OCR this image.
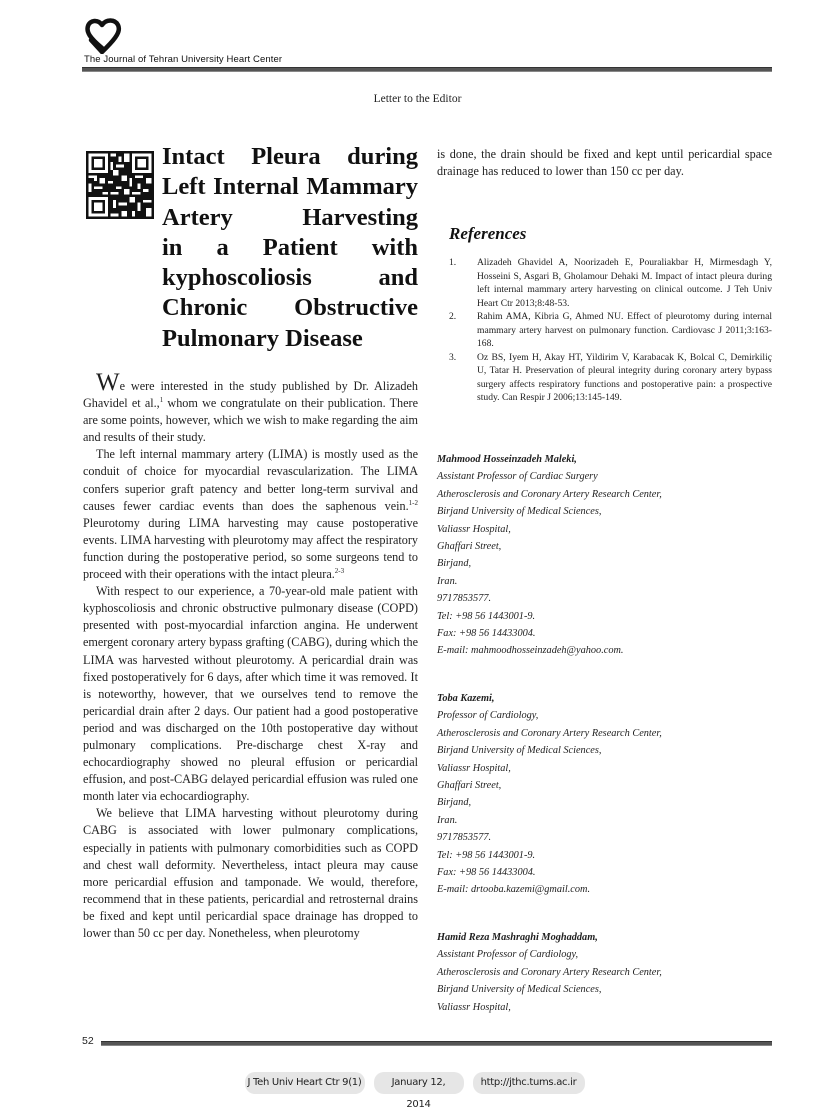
The Journal of Tehran University Heart Center
Letter to the Editor
Intact Pleura during
Left Internal Mammary
Artery Harvesting
in a Patient with
kyphoscoliosis and
Chronic Obstructive
Pulmonary Disease

We were interested in the study published by Dr. Alizadeh Ghavidel et al.,$^1$ whom we congratulate on their publication. There are some points, however, which we wish to make regarding the aim and results of their study.

The left internal mammary artery (LIMA) is mostly used as the conduit of choice for myocardial revascularization. The LIMA confers superior graft patency and better long-term survival and causes fewer cardiac events than does the saphenous vein.$^{1-2}$ Pleurotomy during LIMA harvesting may cause postoperative events. LIMA harvesting with pleurotomy may affect the respiratory function during the postoperative period, so some surgeons tend to proceed with their operations with the intact pleura.$^{2-3}$

With respect to our experience, a 70-year-old male patient with kyphoscoliosis and chronic obstructive pulmonary disease (COPD) presented with post-myocardial infarction angina. He underwent emergent coronary artery bypass grafting (CABG), during which the LIMA was harvested without pleurotomy. A pericardial drain was fixed postoperatively for 6 days, after which time it was removed. It is noteworthy, however, that we ourselves tend to remove the pericardial drain after 2 days. Our patient had a good postoperative period and was discharged on the 10th postoperative day without pulmonary complications. Pre-discharge chest X-ray and echocardiography showed no pleural effusion or pericardial effusion, and post-CABG delayed pericardial effusion was ruled one month later via echocardiography.

We believe that LIMA harvesting without pleurotomy during CABG is associated with lower pulmonary complications, especially in patients with pulmonary comorbidities such as COPD and chest wall deformity. Nevertheless, intact pleura may cause more pericardial effusion and tamponade. We would, therefore, recommend that in these patients, pericardial and retrosternal drains be fixed and kept until pericardial space drainage has dropped to lower than 50 cc per day. Nonetheless, when pleurotomy

is done, the drain should be fixed and kept until pericardial space drainage has reduced to lower than 150 cc per day.

References
1.	Alizadeh Ghavidel A, Noorizadeh E, Pouraliakbar H, Mirmesdagh Y, Hosseini S, Asgari B, Gholamour Dehaki M. Impact of intact pleura during left internal mammary artery harvesting on clinical outcome. J Teh Univ Heart Ctr 2013;8:48-53.
2.	Rahim AMA, Kibria G, Ahmed NU. Effect of pleurotomy during internal mammary artery harvest on pulmonary function. Cardiovasc J 2011;3:163-168.
3.	Oz BS, Iyem H, Akay HT, Yildirim V, Karabacak K, Bolcal C, Demirkiliç U, Tatar H. Preservation of pleural integrity during coronary artery bypass surgery affects respiratory functions and postoperative pain: a prospective study. Can Respir J 2006;13:145-149.
Mahmood Hosseinzadeh Maleki,
Assistant Professor of Cardiac Surgery
Atherosclerosis and Coronary Artery Research Center,
Birjand University of Medical Sciences,
Valiassr Hospital,
Ghaffari Street,
Birjand,
Iran.
9717853577.
Tel: +98 56 1443001-9.
Fax: +98 56 14433004.
E-mail: mahmoodhosseinzadeh@yahoo.com.
Toba Kazemi,
Professor of Cardiology,
Atherosclerosis and Coronary Artery Research Center,
Birjand University of Medical Sciences,
Valiassr Hospital,
Ghaffari Street,
Birjand,
Iran.
9717853577.
Tel: +98 56 1443001-9.
Fax: +98 56 14433004.
E-mail: drtooba.kazemi@gmail.com.
Hamid Reza Mashraghi Moghaddam,
Assistant Professor of Cardiology,
Atherosclerosis and Coronary Artery Research Center,
Birjand University of Medical Sciences,
Valiassr Hospital,
52
J Teh Univ Heart Ctr 9(1)	January 12, 2014
http://jthc.tums.ac.ir
